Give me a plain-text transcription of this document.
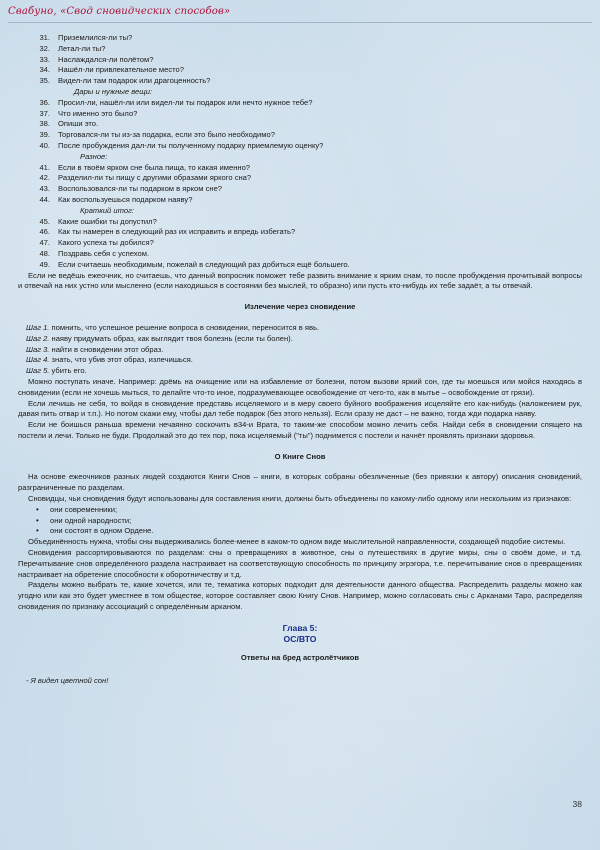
Свабуно, «Свод сновидческих способов»
31.	Приземлился-ли ты?
32.	Летал-ли ты?
33.	Наслаждался-ли полётом?
34.	Нашёл-ли привлекательное место?
35.	Видел-ли там подарок или драгоценность?
Дары и нужные вещи:
36.	Просил-ли, нашёл-ли или видел-ли ты подарок или нечто нужное тебе?
37.	Что именно это было?
38.	Опиши это.
39.	Торговался-ли ты из-за подарка, если это было необходимо?
40.	После пробуждения дал-ли ты полученному подарку приемлемую оценку?
Разное:
41.	Если в твоём ярком сне была пища, то какая именно?
42.	Разделил-ли ты пищу с другими образами яркого сна?
43.	Воспользовался-ли ты подарком в ярком сне?
44.	Как воспользуешься подарком наяву?
Краткий итог:
45.	Какие ошибки ты допустил?
46.	Как ты намерен в следующий раз их исправить и впредь избегать?
47.	Какого успеха ты добился?
48.	Поздравь себя с успехом.
49.	Если считаешь необходимым, пожелай в следующий раз добиться ещё большего.

Если не ведёшь ежеочник, но считаешь, что данный вопросник поможет тебе развить внимание к ярким снам, то после пробуждения прочитывай вопросы и отвечай на них устно или мысленно (если находишься в состоянии без мыслей, то образно) или пусть кто-нибудь их тебе задаёт, а ты отвечай.

Излечение через сновидение

Шаг 1. помнить, что успешное решение вопроса в сновидении, переносится в явь.
Шаг 2. наяву придумать образ, как выглядит твоя болезнь (если ты болен).
Шаг 3. найти в сновидении этот образ.
Шаг 4. знать, что убив этот образ, излечишься.
Шаг 5. убить его.

Можно поступать иначе. Например: дрёмь на очищение или на избавление от болезни, потом вызови яркий сон, где ты моешься или мойся находясь в сновидении (если не хочешь мыться, то делайте что-то иное, подразумевающее освобождение от чего-то, как в мытье – освобождение от грязи).

Если лечишь не себя, то войдя в сновидение представь исцеляемого и в меру своего буйного воображения исцеляйте его как-нибудь (наложением рук, давая пить отвар и т.п.). Но потом скажи ему, чтобы дал тебе подарок (без этого нельзя). Если сразу не даст – не важно, тогда жди подарка наяву.

Если не боишься раньша времени нечаянно соскочить в34-и Врата, то таким-же способом можно лечить себя. Найди себя в сновидении спящего на постели и лечи. Только не буди. Продолжай это до тех пор, пока исцеляемый ("ты") поднимется с постели и начнёт проявлять признаки здоровья.

О Книге Снов

На основе ежеочников разных людей создаются Книги Снов – книги, в которых собраны обезличенные (без привязки к автору) описания сновидений, разграниченные по разделам.

Сновидцы, чьи сновидения будут использованы для составления книги, должны быть объединены по какому-либо одному или нескольким из признаков:

•	они современники;
•	они одной народности;
•	они состоят в одном Ордене.

Объединённость нужна, чтобы сны выдерживались более-менее в каком-то одном виде мыслительной направленности, создающей подобие системы.

Сновидения рассортировываются по разделам: сны о превращениях в животное, сны о путешествиях в другие миры, сны о своём доме, и т.д. Перечитывание снов определённого раздела настраивает на соответствующую способность по принципу эгрэгора, т.е. перечитывание снов о превращениях настраивает на обретение способности к оборотничеству и т.д.

Разделы можно выбрать те, какие хочется, или те, тематика которых подходит для деятельности данного общества. Распределить разделы можно как угодно или как это будет уместнее в том обществе, которое составляет свою Книгу Снов. Например, можно согласовать сны с Арканами Таро, распределяя сновидения по признаку ассоциаций с определённым арканом.

Глава 5:

ОС/ВТО

Ответы на бред астролётчиков

- Я видел цветной сон!
38
